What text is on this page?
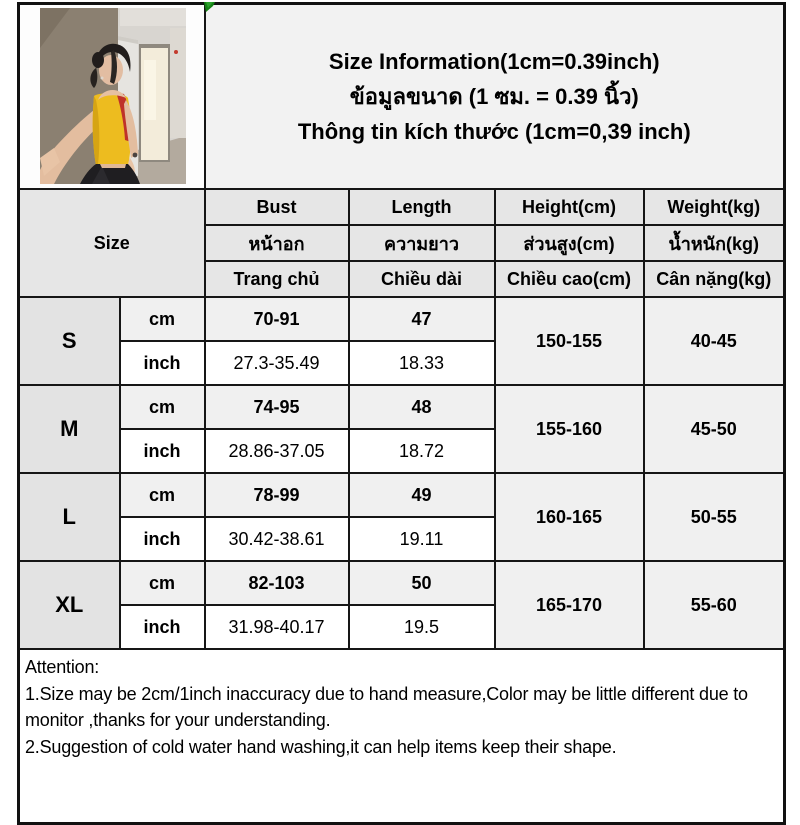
Size Information(1cm=0.39inch)
ข้อมูลขนาด (1 ซม. = 0.39 นิ้ว)
Thông tin kích thước (1cm=0,39 inch)			

Size		Bust	Length	Height(cm)	Weight(kg)
		หน้าอก	ความยาว	ส่วนสูง(cm)	น้ำหนัก(kg)
		Trang chủ	Chiều dài	Chiều cao(cm)	Cân nặng(kg)
S	cm	70-91	47	150-155	40-45
	inch	27.3-35.49	18.33		
M	cm	74-95	48	155-160	45-50
	inch	28.86-37.05	18.72		
L	cm	78-99	49	160-165	50-55
	inch	30.42-38.61	19.11		
XL	cm	82-103	50	165-170	55-60
	inch	31.98-40.17	19.5		

Attention:
1.Size may be 2cm/1inch inaccuracy due to hand measure,Color may be little different due to monitor ,thanks for your understanding.
2.Suggestion of cold water hand washing,it can help items keep their shape.					
